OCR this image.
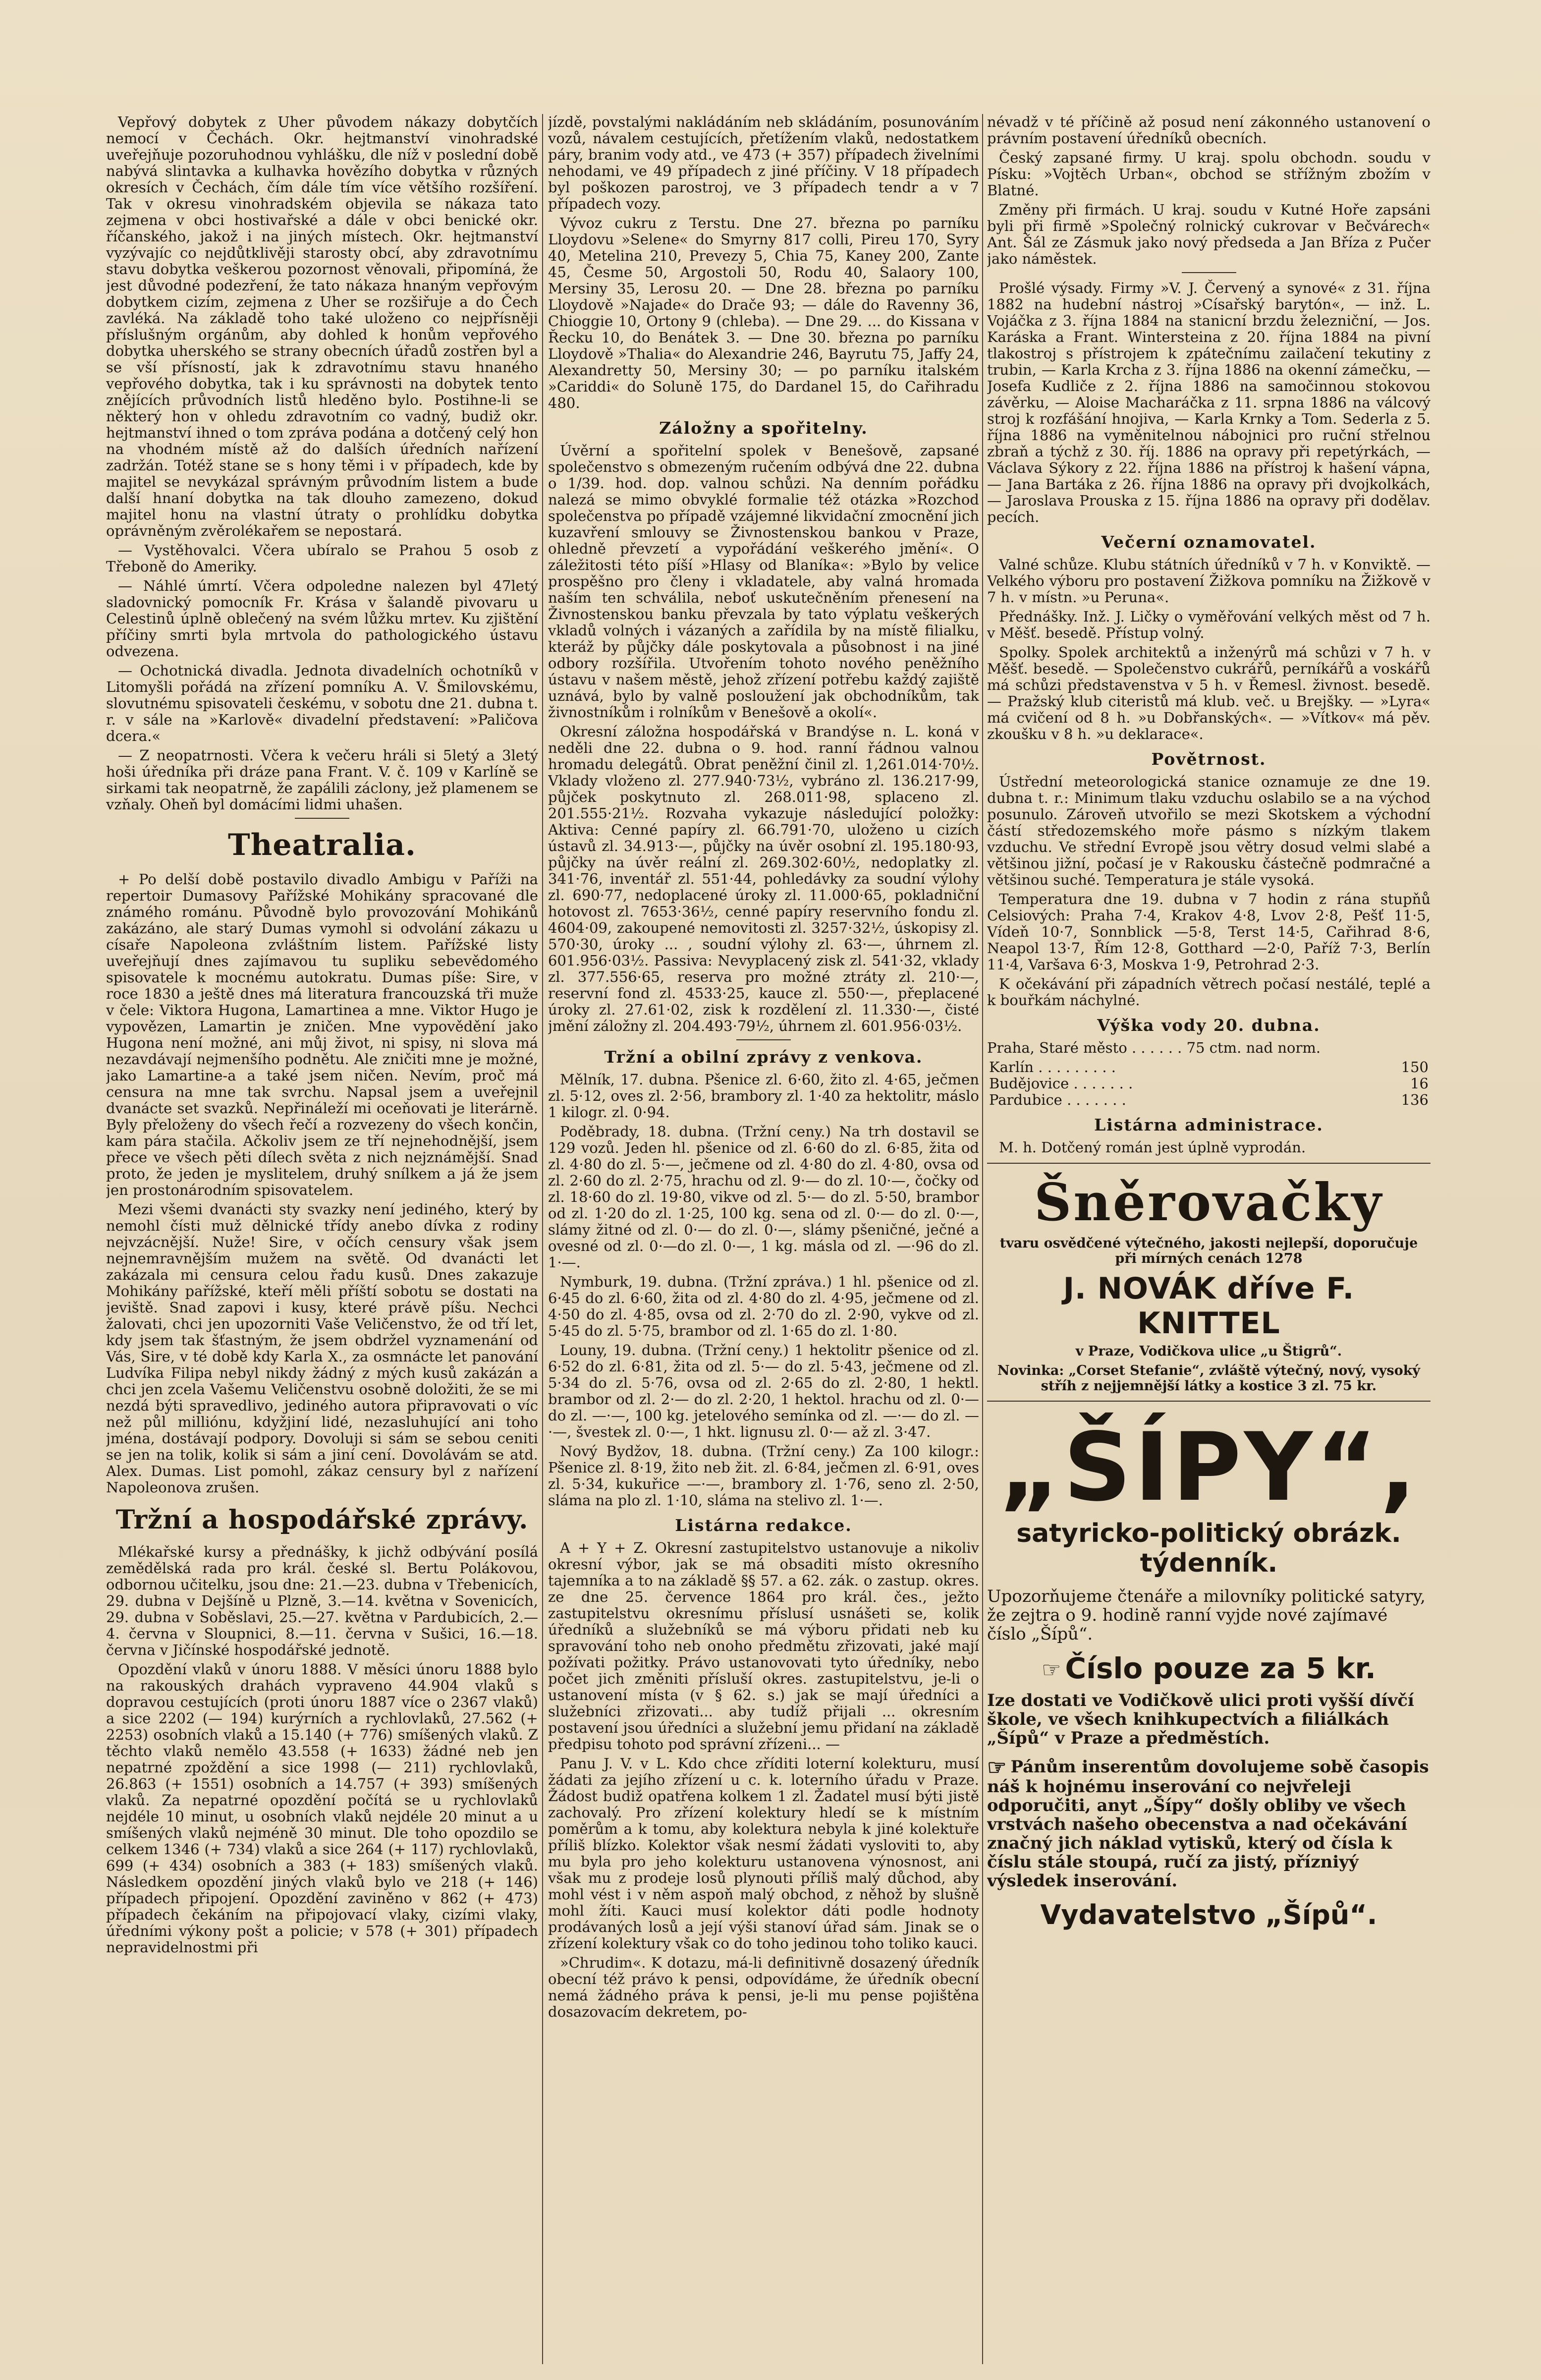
Vepřový dobytek z Uher původem nákazy dobytčích nemocí v Čechách. Okr. hejtmanství vinohradské uveřejňuje pozoruhodnou vyhlášku, dle níž v poslední době nabývá slintavka a kulhavka hovězího dobytka v různých okresích v Čechách, čím dále tím více většího rozšíření. Tak v okresu vinohradském objevila se nákaza tato zejmena v obci hostivařské a dále v obci benické okr. říčanského, jakož i na jiných místech. Okr. hejtmanství vyzývajíc co nejdůtklivěji starosty obcí, aby zdravotnímu stavu dobytka veškerou pozornost věnovali, připomíná, že jest důvodné podezření, že tato nákaza hnaným vepřovým dobytkem cizím, zejmena z Uher se rozšiřuje a do Čech zavléká. Na základě toho také uloženo co nejpřísněji příslušným orgánům, aby dohled k honům vepřového dobytka uherského se strany obecních úřadů zostřen byl a se vší přísností, jak k zdravotnímu stavu hnaného vepřového dobytka, tak i ku správnosti na dobytek tento znějících průvodních listů hleděno bylo. Postihne-li se některý hon v ohledu zdravotním co vadný, budiž okr. hejtmanství ihned o tom zpráva podána a dotčený celý hon na vhodném místě až do dalších úředních nařízení zadržán. Totéž stane se s hony těmi i v případech, kde by majitel se nevykázal správným průvodním listem a bude další hnaní dobytka na tak dlouho zamezeno, dokud majitel honu na vlastní útraty o prohlídku dobytka oprávněným zvěrolékařem se nepostará.

— Vystěhovalci. Včera ubíralo se Prahou 5 osob z Třeboně do Ameriky.

— Náhlé úmrtí. Včera odpoledne nalezen byl 47letý sladovnický pomocník Fr. Krása v šalandě pivovaru u Celestinů úplně oblečený na svém lůžku mrtev. Ku zjištění příčiny smrti byla mrtvola do pathologického ústavu odvezena.

— Ochotnická divadla. Jednota divadelních ochotníků v Litomyšli pořádá na zřízení pomníku A. V. Šmilovskému, slovutnému spisovateli českému, v sobotu dne 21. dubna t. r. v sále na »Karlově« divadelní představení: »Paličova dcera.«

— Z neopatrnosti. Včera k večeru hráli si 5letý a 3letý hoši úředníka při dráze pana Frant. V. č. 109 v Karlíně se sirkami tak neopatrně, že zapálili záclony, jež plamenem se vzňaly. Oheň byl domácími lidmi uhašen.

Theatralia.

+ Po delší době postavilo divadlo Ambigu v Paříži na repertoir Dumasovy Pařížské Mohikány spracované dle známého románu. Původně bylo provozování Mohikánů zakázáno, ale starý Dumas vymohl si odvolání zákazu u císaře Napoleona zvláštním listem. Pařížské listy uveřejňují dnes zajímavou tu supliku sebevědomého spisovatele k mocnému autokratu. Dumas píše: Sire, v roce 1830 a ještě dnes má literatura francouzská tři muže v čele: Viktora Hugona, Lamartinea a mne. Viktor Hugo je vypovězen, Lamartin je zničen. Mne vypovědění jako Hugona není možné, ani můj život, ni spisy, ni slova má nezavdávají nejmenšího podnětu. Ale zničiti mne je možné, jako Lamartine-a a také jsem ničen. Nevím, proč má censura na mne tak svrchu. Napsal jsem a uveřejnil dvanácte set svazků. Nepřináleží mi oceňovati je literárně. Byly přeloženy do všech řečí a rozvezeny do všech končin, kam pára stačila. Ačkoliv jsem ze tří nejnehodnější, jsem přece ve všech pěti dílech světa z nich nejznámější. Snad proto, že jeden je myslitelem, druhý snílkem a já že jsem jen prostonárodním spisovatelem.

Mezi všemi dvanácti sty svazky není jediného, který by nemohl čísti muž dělnické třídy anebo dívka z rodiny nejvzácnější. Nuže! Sire, v očích censury však jsem nejnemravnějším mužem na světě. Od dvanácti let zakázala mi censura celou řadu kusů. Dnes zakazuje Mohikány pařížské, kteří měli příští sobotu se dostati na jeviště. Snad zapovi i kusy, které právě píšu. Nechci žalovati, chci jen upozorniti Vaše Veličenstvo, že od tří let, kdy jsem tak šťastným, že jsem obdržel vyznamenání od Vás, Sire, v té době kdy Karla X., za osmnácte let panování Ludvíka Filipa nebyl nikdy žádný z mých kusů zakázán a chci jen zcela Vašemu Veličenstvu osobně doložiti, že se mi nezdá býti spravedlivo, jediného autora připravovati o víc než půl milliónu, kdyžjiní lidé, nezasluhující ani toho jména, dostávají podpory. Dovoluji si sám se sebou ceniti se jen na tolik, kolik si sám a jiní cení. Dovolávám se atd. Alex. Dumas. List pomohl, zákaz censury byl z nařízení Napoleonova zrušen.

Tržní a hospodářské zprávy.

Mlékařské kursy a přednášky, k jichž odbývání posílá zemědělská rada pro král. české sl. Bertu Polákovou, odbornou učitelku, jsou dne: 21.—23. dubna v Třebenicích, 29. dubna v Dejšíně u Plzně, 3.—14. května v Sovenicích, 29. dubna v Soběslavi, 25.—27. května v Pardubicích, 2.—4. června v Sloupnici, 8.—11. června v Sušici, 16.—18. června v Jičínské hospodářské jednotě.

Opozdění vlaků v únoru 1888. V měsíci únoru 1888 bylo na rakouských drahách vypraveno 44.904 vlaků s dopravou cestujících (proti únoru 1887 více o 2367 vlaků) a sice 2202 (— 194) kurýrních a rychlovlaků, 27.562 (+ 2253) osobních vlaků a 15.140 (+ 776) smíšených vlaků. Z těchto vlaků nemělo 43.558 (+ 1633) žádné neb jen nepatrné zpoždění a sice 1998 (— 211) rychlovlaků, 26.863 (+ 1551) osobních a 14.757 (+ 393) smíšených vlaků. Za nepatrné opozdění počítá se u rychlovlaků nejdéle 10 minut, u osobních vlaků nejdéle 20 minut a u smíšených vlaků nejméně 30 minut. Dle toho opozdilo se celkem 1346 (+ 734) vlaků a sice 264 (+ 117) rychlovlaků, 699 (+ 434) osobních a 383 (+ 183) smíšených vlaků. Následkem opozdění jiných vlaků bylo ve 218 (+ 146) případech připojení. Opozdění zaviněno v 862 (+ 473) případech čekáním na připojovací vlaky, cizími vlaky, úředními výkony pošt a policie; v 578 (+ 301) případech nepravidelnostmi při

jízdě, povstalými nakládáním neb skládáním, posunováním vozů, návalem cestujících, přetížením vlaků, nedostatkem páry, branim vody atd., ve 473 (+ 357) případech živelními nehodami, ve 49 případech z jiné příčiny. V 18 případech byl poškozen parostroj, ve 3 případech tendr a v 7 případech vozy.

Vývoz cukru z Terstu. Dne 27. března po parníku Lloydovu »Selene« do Smyrny 817 colli, Pireu 170, Syry 40, Metelina 210, Prevezy 5, Chia 75, Kaney 200, Zante 45, Česme 50, Argostoli 50, Rodu 40, Salaory 100, Mersiny 35, Lerosu 20. — Dne 28. března po parníku Lloydově »Najade« do Drače 93; — dále do Ravenny 36, Chioggie 10, Ortony 9 (chleba). — Dne 29. ... do Kissana v Řecku 10, do Benátek 3. — Dne 30. března po parníku Lloydově »Thalia« do Alexandrie 246, Bayrutu 75, Jaffy 24, Alexandretty 50, Mersiny 30; — po parníku italském »Cariddi« do Soluně 175, do Dardanel 15, do Cařihradu 480.

Záložny a spořitelny.

Úvěrní a spořitelní spolek v Benešově, zapsané společenstvo s obmezeným ručením odbývá dne 22. dubna o 1/39. hod. dop. valnou schůzi. Na denním pořádku nalezá se mimo obvyklé formalie též otázka »Rozchod společenstva po případě vzájemné likvidační zmocnění jich kuzavření smlouvy se Živnostenskou bankou v Praze, ohledně převzetí a vypořádání veškerého jmění«. O záležitosti této píší »Hlasy od Blaníka«: »Bylo by velice prospěšno pro členy i vkladatele, aby valná hromada naším ten schválila, neboť uskutečněním přenesení na Živnostenskou banku převzala by tato výplatu veškerých vkladů volných i vázaných a zařídila by na místě filialku, kteráž by půjčky dále poskytovala a působnost i na jiné odbory rozšířila. Utvořením tohoto nového peněžního ústavu v našem městě, jehož zřízení potřebu každý zajiště uznává, bylo by valně posloužení jak obchodníkům, tak živnostníkům i rolníkům v Benešově a okolí«.

Okresní záložna hospodářská v Brandýse n. L. koná v neděli dne 22. dubna o 9. hod. ranní řádnou valnou hromadu delegátů. Obrat peněžní činil zl. 1,261.014·70½. Vklady vloženo zl. 277.940·73½, vybráno zl. 136.217·99, půjček poskytnuto zl. 268.011·98, splaceno zl. 201.555·21½. Rozvaha vykazuje následující položky: Aktiva: Cenné papíry zl. 66.791·70, uloženo u cizích ústavů zl. 34.913·—, půjčky na úvěr osobní zl. 195.180·93, půjčky na úvěr reální zl. 269.302·60½, nedoplatky zl. 341·76, inventář zl. 551·44, pohledávky za soudní výlohy zl. 690·77, nedoplacené úroky zl. 11.000·65, pokladniční hotovost zl. 7653·36½, cenné papíry reservního fondu zl. 4604·09, zakoupené nemovitosti zl. 3257·32½, úskopisy zl. 570·30, úroky ... , soudní výlohy zl. 63·—, úhrnem zl. 601.956·03½. Passiva: Nevyplacený zisk zl. 541·32, vklady zl. 377.556·65, reserva pro možné ztráty zl. 210·—, reservní fond zl. 4533·25, kauce zl. 550·—, přeplacené úroky zl. 27.61·02, zisk k rozdělení zl. 11.330·—, čisté jmění záložny zl. 204.493·79½, úhrnem zl. 601.956·03½.

Tržní a obilní zprávy z venkova.

Mělník, 17. dubna. Pšenice zl. 6·60, žito zl. 4·65, ječmen zl. 5·12, oves zl. 2·56, brambory zl. 1·40 za hektolitr, máslo 1 kilogr. zl. 0·94.

Poděbrady, 18. dubna. (Tržní ceny.) Na trh dostavil se 129 vozů. Jeden hl. pšenice od zl. 6·60 do zl. 6·85, žita od zl. 4·80 do zl. 5·—, ječmene od zl. 4·80 do zl. 4·80, ovsa od zl. 2·60 do zl. 2·75, hrachu od zl. 9·— do zl. 10·—, čočky od zl. 18·60 do zl. 19·80, vikve od zl. 5·— do zl. 5·50, brambor od zl. 1·20 do zl. 1·25, 100 kg. sena od zl. 0·— do zl. 0·—, slámy žitné od zl. 0·— do zl. 0·—, slámy pšeničné, ječné a ovesné od zl. 0·—do zl. 0·—, 1 kg. másla od zl. —·96 do zl. 1·—.

Nymburk, 19. dubna. (Tržní zpráva.) 1 hl. pšenice od zl. 6·45 do zl. 6·60, žita od zl. 4·80 do zl. 4·95, ječmene od zl. 4·50 do zl. 4·85, ovsa od zl. 2·70 do zl. 2·90, vykve od zl. 5·45 do zl. 5·75, brambor od zl. 1·65 do zl. 1·80.

Louny, 19. dubna. (Tržní ceny.) 1 hektolitr pšenice od zl. 6·52 do zl. 6·81, žita od zl. 5·— do zl. 5·43, ječmene od zl. 5·34 do zl. 5·76, ovsa od zl. 2·65 do zl. 2·80, 1 hektl. brambor od zl. 2·— do zl. 2·20, 1 hektol. hrachu od zl. 0·— do zl. —·—, 100 kg. jetelového semínka od zl. —·— do zl. —·—, švestek zl. 0·—, 1 hkt. lignusu zl. 0·— až zl. 3·47.

Nový Bydžov, 18. dubna. (Tržní ceny.) Za 100 kilogr.: Pšenice zl. 8·19, žito neb žit. zl. 6·84, ječmen zl. 6·91, oves zl. 5·34, kukuřice —·—, brambory zl. 1·76, seno zl. 2·50, sláma na plo zl. 1·10, sláma na stelivo zl. 1·—.

Listárna redakce.

A + Y + Z. Okresní zastupitelstvo ustanovuje a nikoliv okresní výbor, jak se má obsaditi místo okresního tajemníka a to na základě §§ 57. a 62. zák. o zastup. okres. ze dne 25. července 1864 pro král. čes., ježto zastupitelstvu okresnímu příslusí usnášeti se, kolik úředníků a služebníků se má výboru přidati neb ku spravování toho neb onoho předmětu zřizovati, jaké mají požívati požitky. Právo ustanovovati tyto úředníky, nebo počet jich změniti přísluší okres. zastupitelstvu, je-li o ustanovení místa (v § 62. s.) jak se mají úředníci a služebníci zřizovati... aby tudíž přijali ... okresním postavení jsou úředníci a služební jemu přidaní na základě předpisu tohoto pod správní zřízeni... —

Panu J. V. v L. Kdo chce zříditi loterní kolekturu, musí žádati za jejího zřízení u c. k. loterního úřadu v Praze. Žádost budiž opatřena kolkem 1 zl. Žadatel musí býti jistě zachovalý. Pro zřízení kolektury hledí se k místním poměrům a k tomu, aby kolektura nebyla k jiné kolektuře příliš blízko. Kolektor však nesmí žádati vysloviti to, aby mu byla pro jeho kolekturu ustanovena výnosnost, ani však mu z prodeje losů plynouti příliš malý důchod, aby mohl vést i v něm aspoň malý obchod, z něhož by slušně mohl žíti. Kauci musí kolektor dáti podle hodnoty prodávaných losů a její výši stanoví úřad sám. Jinak se o zřízení kolektury však co do toho jedinou toho toliko kauci.

»Chrudim«. K dotazu, má-li definitivně dosazený úředník obecní též právo k pensi, odpovídáme, že úředník obecní nemá žádného práva k pensi, je-li mu pense pojištěna dosazovacím dekretem, po-

névadž v té příčině až posud není zákonného ustanovení o právním postavení úředníků obecních.

Český zapsané firmy. U kraj. spolu obchodn. soudu v Písku: »Vojtěch Urban«, obchod se střížným zbožím v Blatné.

Změny při firmách. U kraj. soudu v Kutné Hoře zapsáni byli při firmě »Společný rolnický cukrovar v Bečvárech« Ant. Šál ze Zásmuk jako nový předseda a Jan Bříza z Pučer jako náměstek.

Prošlé výsady. Firmy »V. J. Červený a synové« z 31. října 1882 na hudební nástroj »Císařský barytón«, — inž. L. Vojáčka z 3. října 1884 na stanicní brzdu železniční, — Jos. Karáska a Frant. Wintersteina z 20. října 1884 na pivní tlakostroj s přístrojem k zpátečnímu zailačení tekutiny z trubin, — Karla Krcha z 3. října 1886 na okenní zámečku, — Josefa Kudliče z 2. října 1886 na samočinnou stokovou závěrku, — Aloise Macharáčka z 11. srpna 1886 na válcový stroj k rozfášání hnojiva, — Karla Krnky a Tom. Sederla z 5. října 1886 na vyměnitelnou nábojnici pro ruční střelnou zbraň a týchž z 30. říj. 1886 na opravy při repetýrkách, — Václava Sýkory z 22. října 1886 na přístroj k hašení vápna, — Jana Bartáka z 26. října 1886 na opravy při dvojkolkách, — Jaroslava Prouska z 15. října 1886 na opravy při dodělav. pecích.

Večerní oznamovatel.

Valné schůze. Klubu státních úředníků v 7 h. v Konviktě. — Velkého výboru pro postavení Žižkova pomníku na Žižkově v 7 h. v místn. »u Peruna«.

Přednášky. Inž. J. Ličky o vyměřování velkých měst od 7 h. v Měšť. besedě. Přístup volný.

Spolky. Spolek architektů a inženýrů má schůzi v 7 h. v Měšť. besedě. — Společenstvo cukrářů, perníkářů a voskářů má schůzi představenstva v 5 h. v Řemesl. živnost. besedě. — Pražský klub citeristů má klub. več. u Brejšky. — »Lyra« má cvičení od 8 h. »u Dobřanských«. — »Vítkov« má pěv. zkoušku v 8 h. »u deklarace«.

Povětrnost.

Ústřední meteorologická stanice oznamuje ze dne 19. dubna t. r.: Minimum tlaku vzduchu oslabilo se a na východ posunulo. Zároveň utvořilo se mezi Skotskem a východní částí středozemského moře pásmo s nízkým tlakem vzduchu. Ve střední Evropě jsou větry dosud velmi slabé a většinou jižní, počasí je v Rakousku částečně podmračné a většinou suché. Temperatura je stále vysoká.

Temperatura dne 19. dubna v 7 hodin z rána stupňů Celsiových: Praha 7·4, Krakov 4·8, Lvov 2·8, Pešť 11·5, Vídeň 10·7, Sonnblick —5·8, Terst 14·5, Cařihrad 8·6, Neapol 13·7, Řím 12·8, Gotthard —2·0, Paříž 7·3, Berlín 11·4, Varšava 6·3, Moskva 1·9, Petrohrad 2·3.

K očekávání při západních větrech počasí nestálé, teplé a k bouřkám náchylné.

Výška vody 20. dubna.

Praha, Staré město . . . . . . 75 ctm. nad norm.

Karlín . . . . . . . . .	150
Budějovice . . . . . . .	16
Pardubice . . . . . . .	136
Listárna administrace.

M. h. Dotčený román jest úplně vyprodán.

Šněrovačky
tvaru osvědčené výtečného, jakosti nejlepší, doporučuje při mírných cenách 1278
J. NOVÁK dříve F. KNITTEL
v Praze, Vodičkova ulice „u Štigrů“.
Novinka: „Corset Stefanie“, zvláště výtečný, nový, vysoký stříh z nejjemnější látky a kostice 3 zl. 75 kr.
„ŠÍPY“,
satyricko-politický obrázk. týdenník.
Upozorňujeme čtenáře a milovníky politické satyry, že zejtra o 9. hodině ranní vyjde nové zajímavé číslo „Šípů“.
☞ Číslo pouze za 5 kr.
Ize dostati ve Vodičkově ulici proti vyšší dívčí škole, ve všech knihkupectvích a filiálkách „Šípů“ v Praze a předměstích.
☞ Pánům inserentům dovolujeme sobě časopis náš k hojnému inserování co nejvřeleji odporučiti, anyt „Šípy“ došly obliby ve všech vrstvách našeho obecenstva a nad očekávání značný jich náklad vytisků, který od čísla k číslu stále stoupá, ručí za jistý, přízniyý výsledek inserování.
Vydavatelstvo „Šípů“.
